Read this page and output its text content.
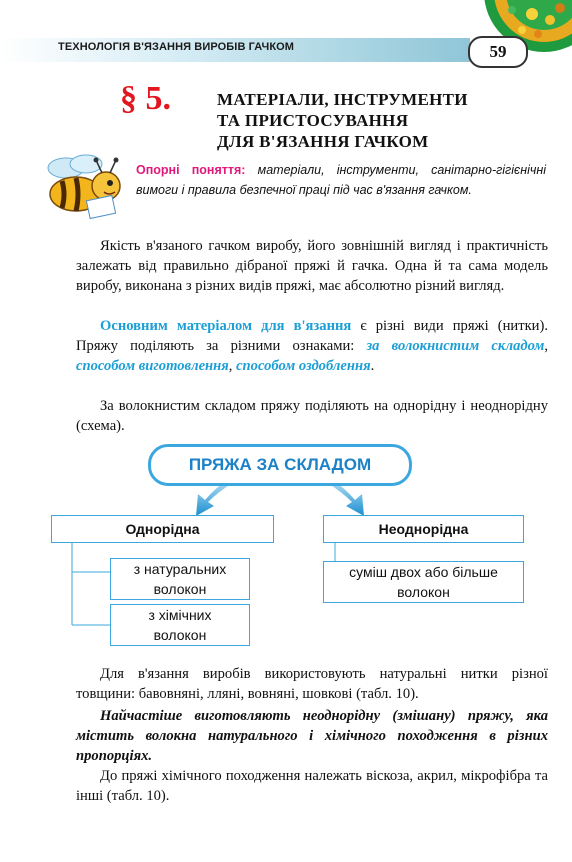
ТЕХНОЛОГІЯ В'ЯЗАННЯ ВИРОБІВ ГАЧКОМ	59
§ 5.	МАТЕРІАЛИ, ІНСТРУМЕНТИ
ТА ПРИСТОСУВАННЯ
ДЛЯ В'ЯЗАННЯ ГАЧКОМ
Опорні поняття: матеріали, інструменти, санітарно-гігієнічні вимоги і правила безпечної праці під час в'язання гачком.
Якість в'язаного гачком виробу, його зовнішній вигляд і практичність залежать від правильно дібраної пряжі й гачка. Одна й та сама модель виробу, виконана з різних видів пряжі, має абсолютно різний вигляд.
Основним матеріалом для в'язання є різні види пряжі (нитки). Пряжу поділяють за різними ознаками: за волокнистим складом, способом виготовлення, способом оздоблення.
За волокнистим складом пряжу поділяють на однорідну і неоднорідну (схема).
ПРЯЖА ЗА СКЛАДОМ
Однорідна	Неоднорідна
з натуральних
волокон
з хімічних
волокон
суміш двох або більше
волокон
Для в'язання виробів використовують натуральні нитки різної товщини: бавовняні, лляні, вовняні, шовкові (табл. 10).
Найчастіше виготовляють неоднорідну (змішану) пряжу, яка містить волокна натурального і хімічного походження в різних пропорціях.
До пряжі хімічного походження належать віскоза, акрил, мікрофібра та інші (табл. 10).
